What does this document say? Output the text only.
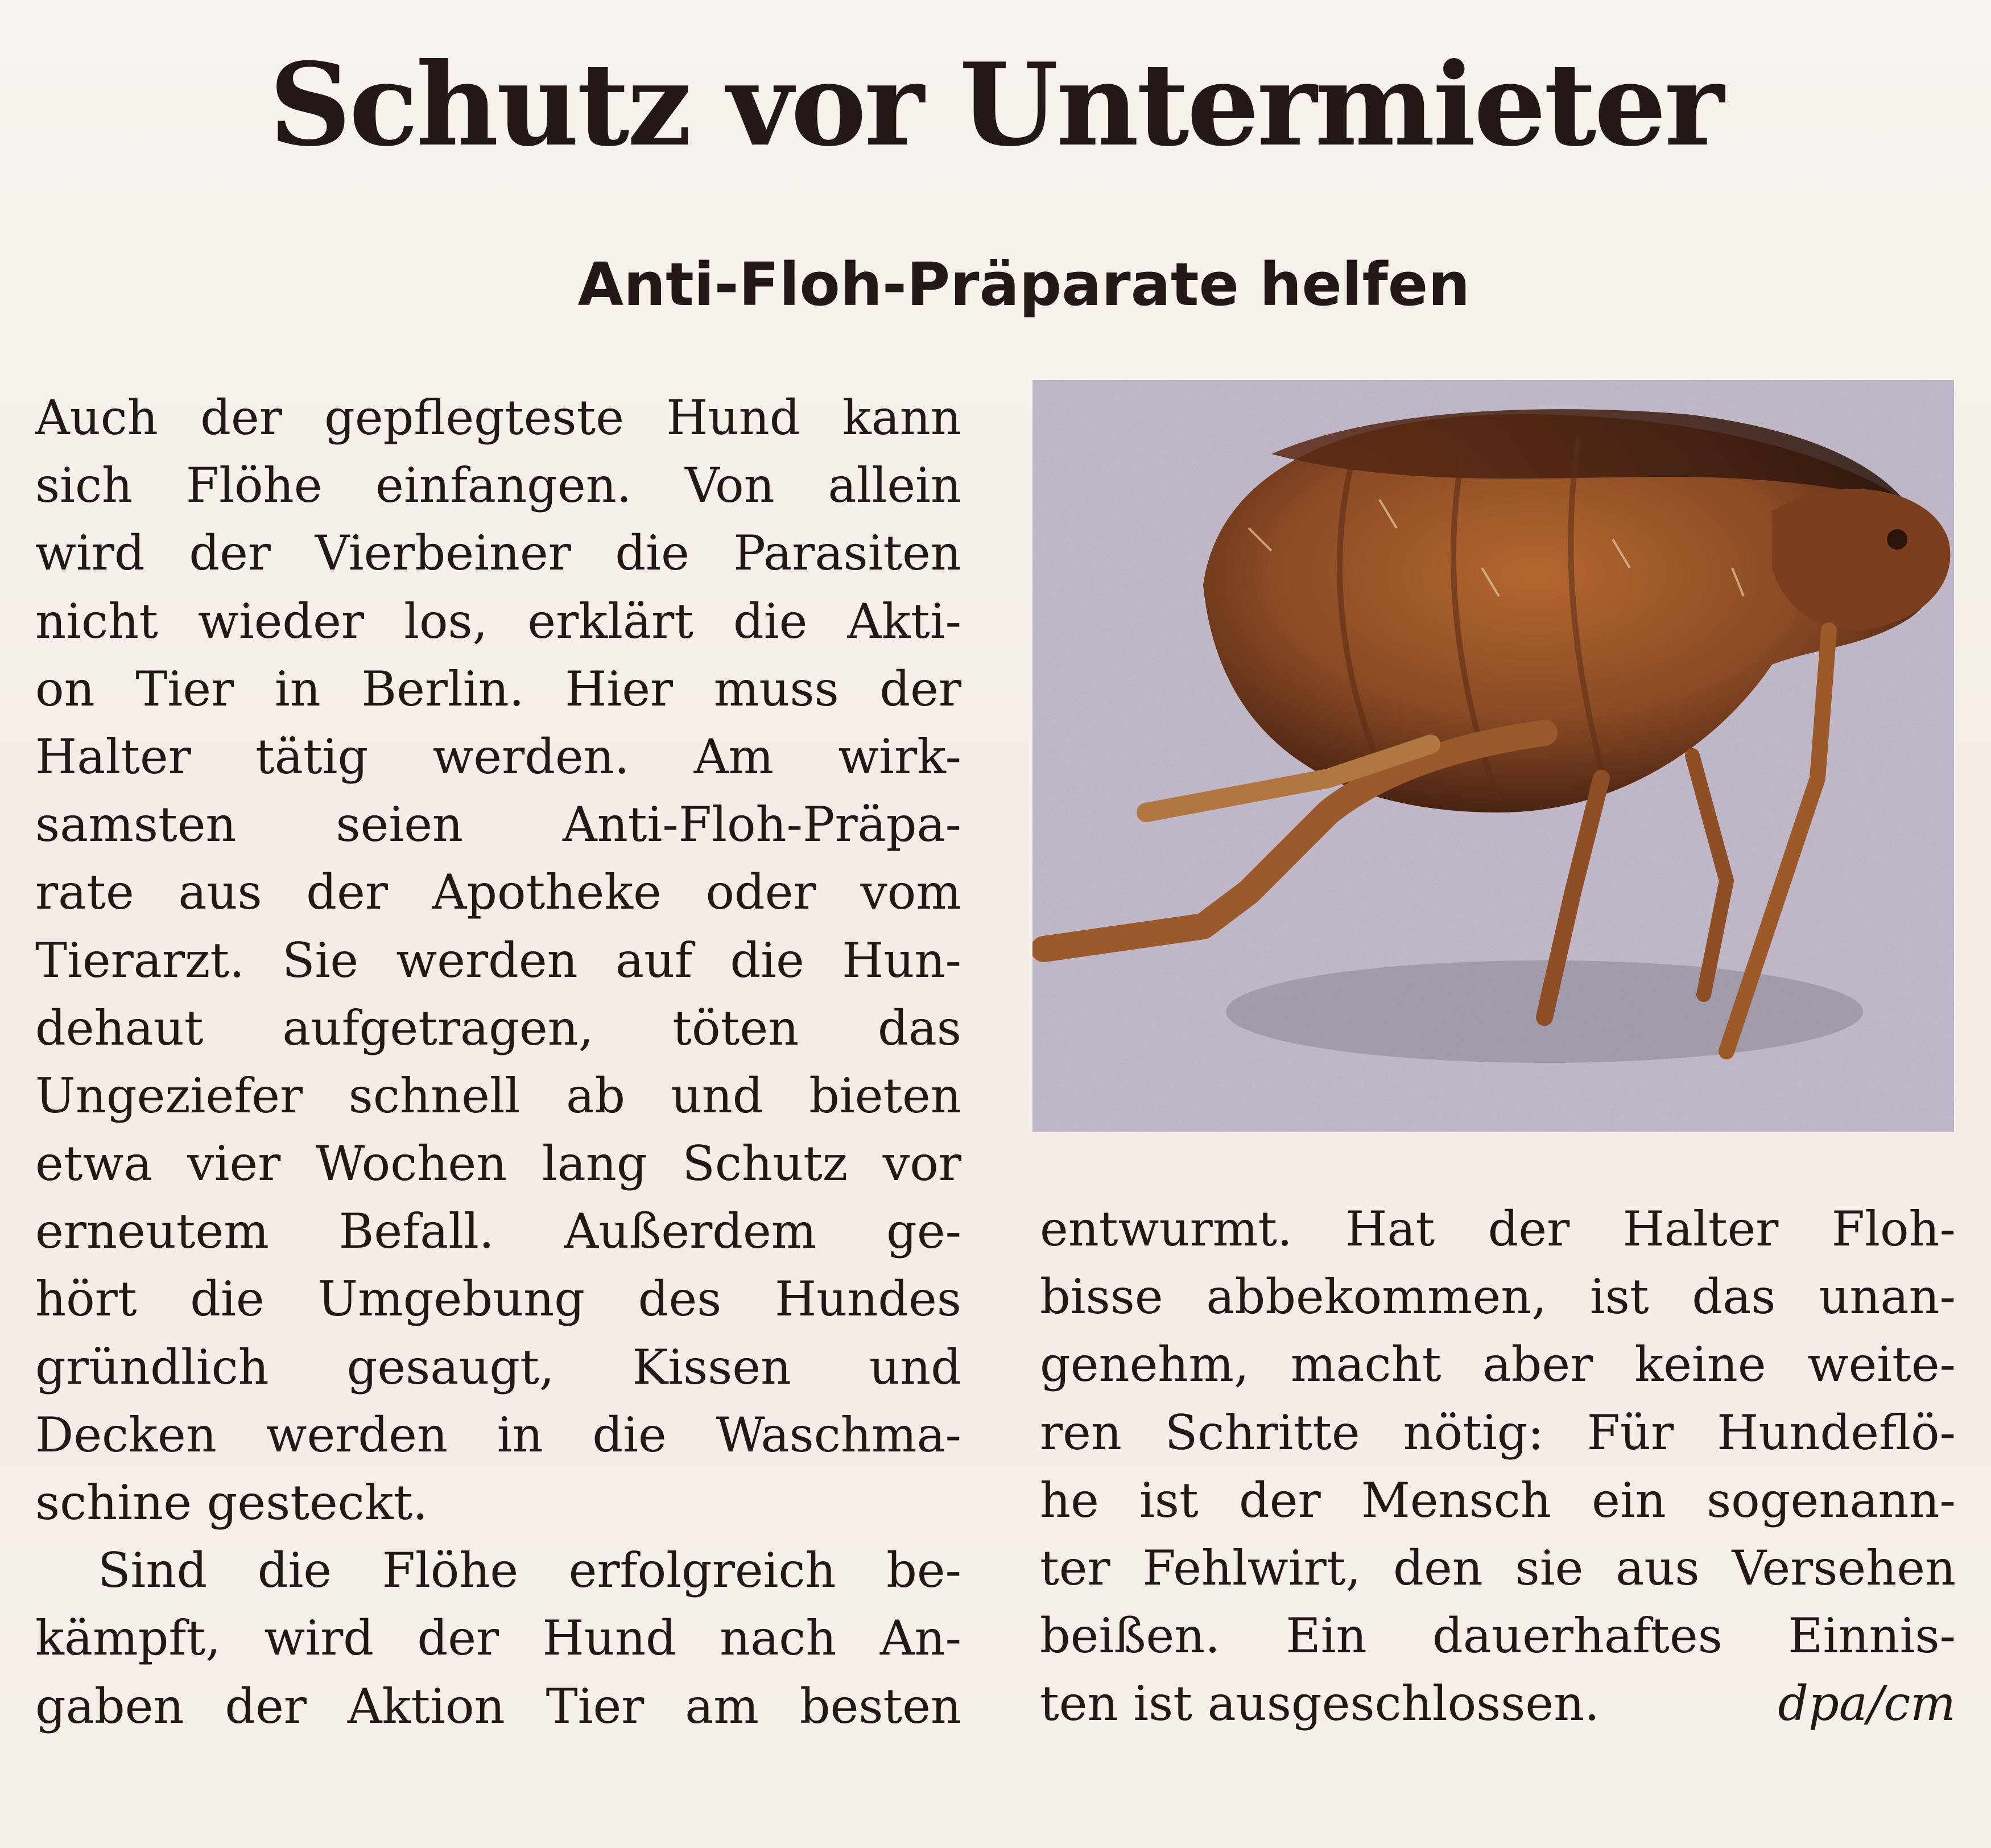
Schutz vor Untermieter
Anti-Floh-Präparate helfen
Auch der gepflegteste Hund kann
sich Flöhe einfangen. Von allein
wird der Vierbeiner die Parasiten
nicht wieder los, erklärt die Akti-
on Tier in Berlin. Hier muss der
Halter tätig werden. Am wirk-
samsten seien Anti-Floh-Präpa-
rate aus der Apotheke oder vom
Tierarzt. Sie werden auf die Hun-
dehaut aufgetragen, töten das
Ungeziefer schnell ab und bieten
etwa vier Wochen lang Schutz vor
erneutem Befall. Außerdem ge-
hört die Umgebung des Hundes
gründlich gesaugt, Kissen und
Decken werden in die Waschma-
schine gesteckt.
Sind die Flöhe erfolgreich be-
kämpft, wird der Hund nach An-
gaben der Aktion Tier am besten
entwurmt. Hat der Halter Floh-
bisse abbekommen, ist das unan-
genehm, macht aber keine weite-
ren Schritte nötig: Für Hundeflö-
he ist der Mensch ein sogenann-
ter Fehlwirt, den sie aus Versehen
beißen. Ein dauerhaftes Einnis-
ten ist ausgeschlossen.	dpa/cm
